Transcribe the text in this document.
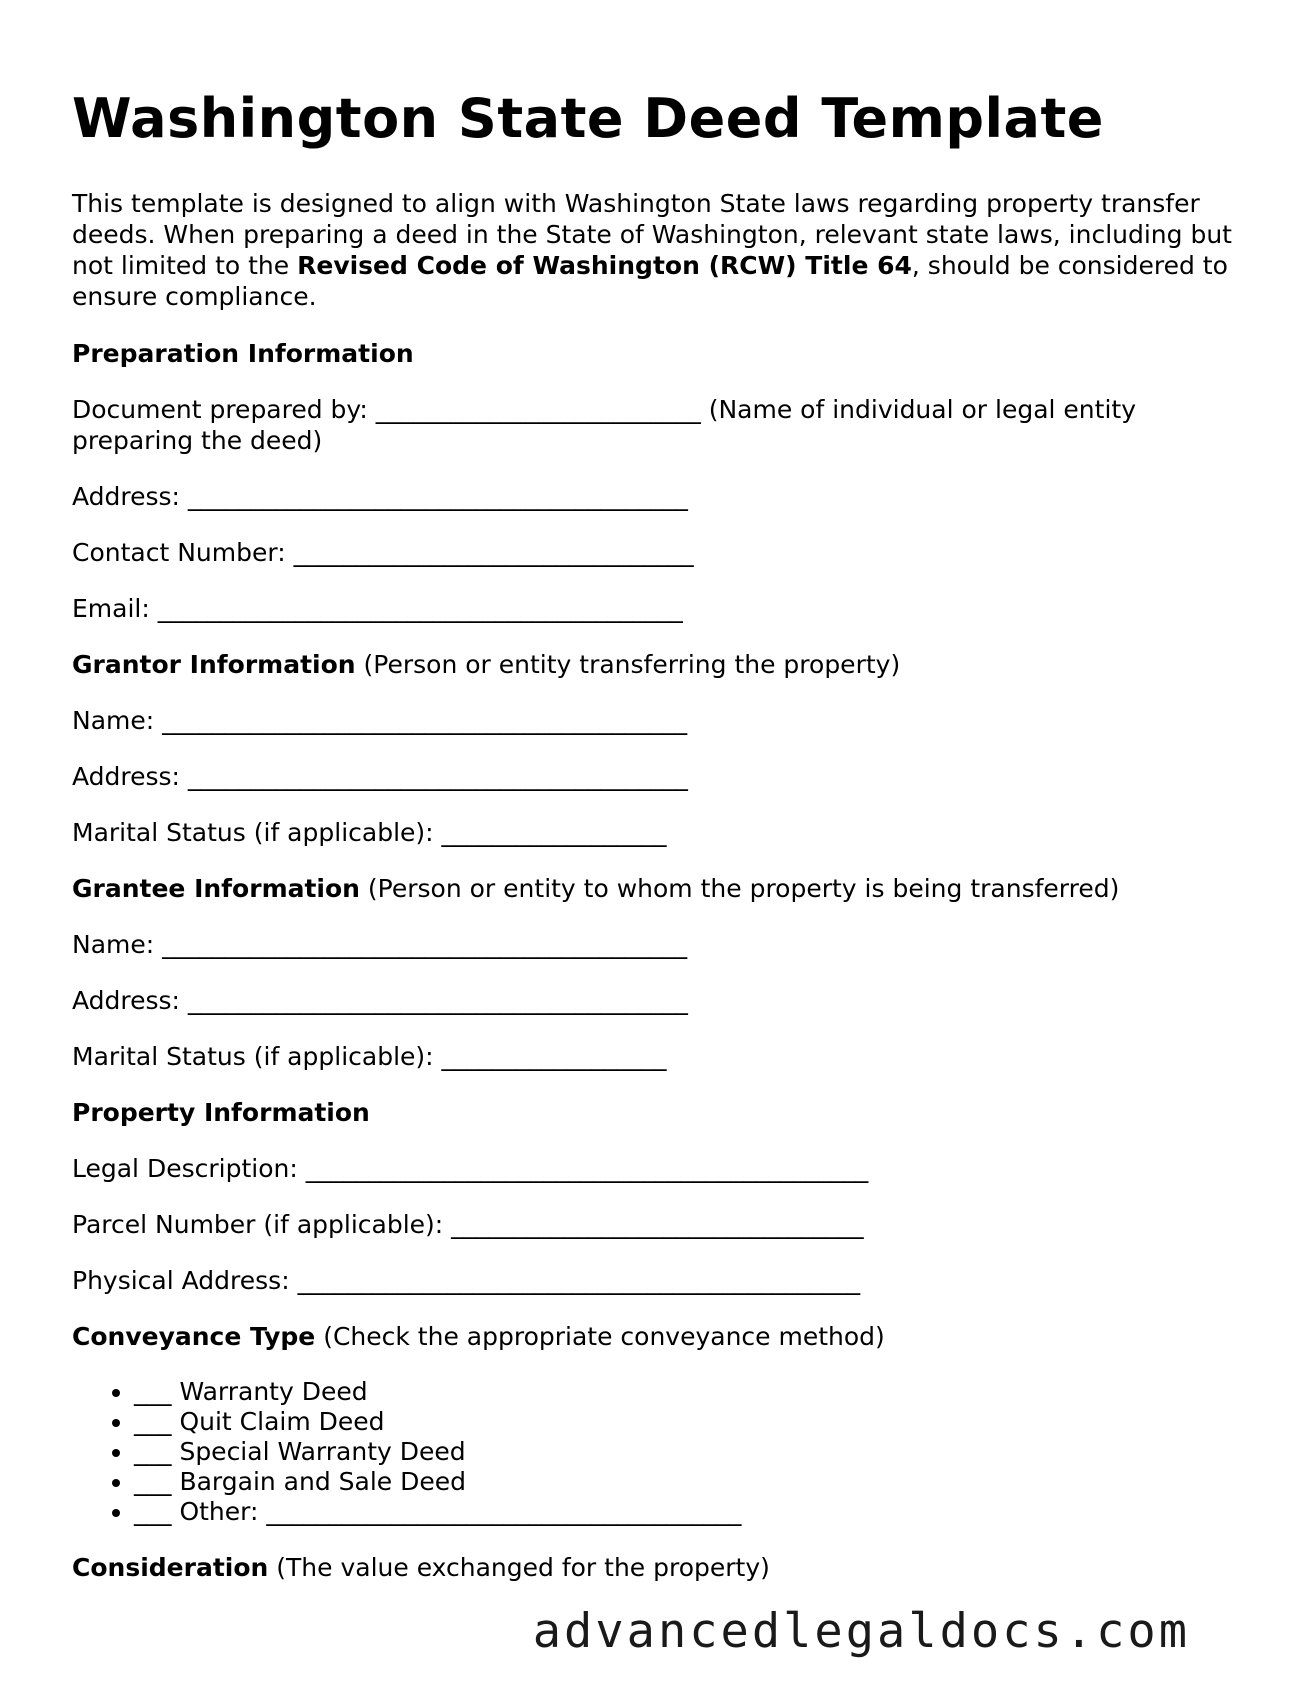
Washington State Deed Template

This template is designed to align with Washington State laws regarding property transfer deeds. When preparing a deed in the State of Washington, relevant state laws, including but not limited to the Revised Code of Washington (RCW) Title 64, should be considered to ensure compliance.

Preparation Information

Document prepared by: __________________________ (Name of individual or legal entity preparing the deed)

Address: ________________________________________

Contact Number: ________________________________

Email: __________________________________________

Grantor Information (Person or entity transferring the property)

Name: __________________________________________

Address: ________________________________________

Marital Status (if applicable): __________________

Grantee Information (Person or entity to whom the property is being transferred)

Name: __________________________________________

Address: ________________________________________

Marital Status (if applicable): __________________

Property Information

Legal Description: _____________________________________________

Parcel Number (if applicable): _________________________________

Physical Address: _____________________________________________

Conveyance Type (Check the appropriate conveyance method)

• ___ Warranty Deed
• ___ Quit Claim Deed
• ___ Special Warranty Deed
• ___ Bargain and Sale Deed
• ___ Other: ______________________________________

Consideration (The value exchanged for the property)

advancedlegaldocs.com
